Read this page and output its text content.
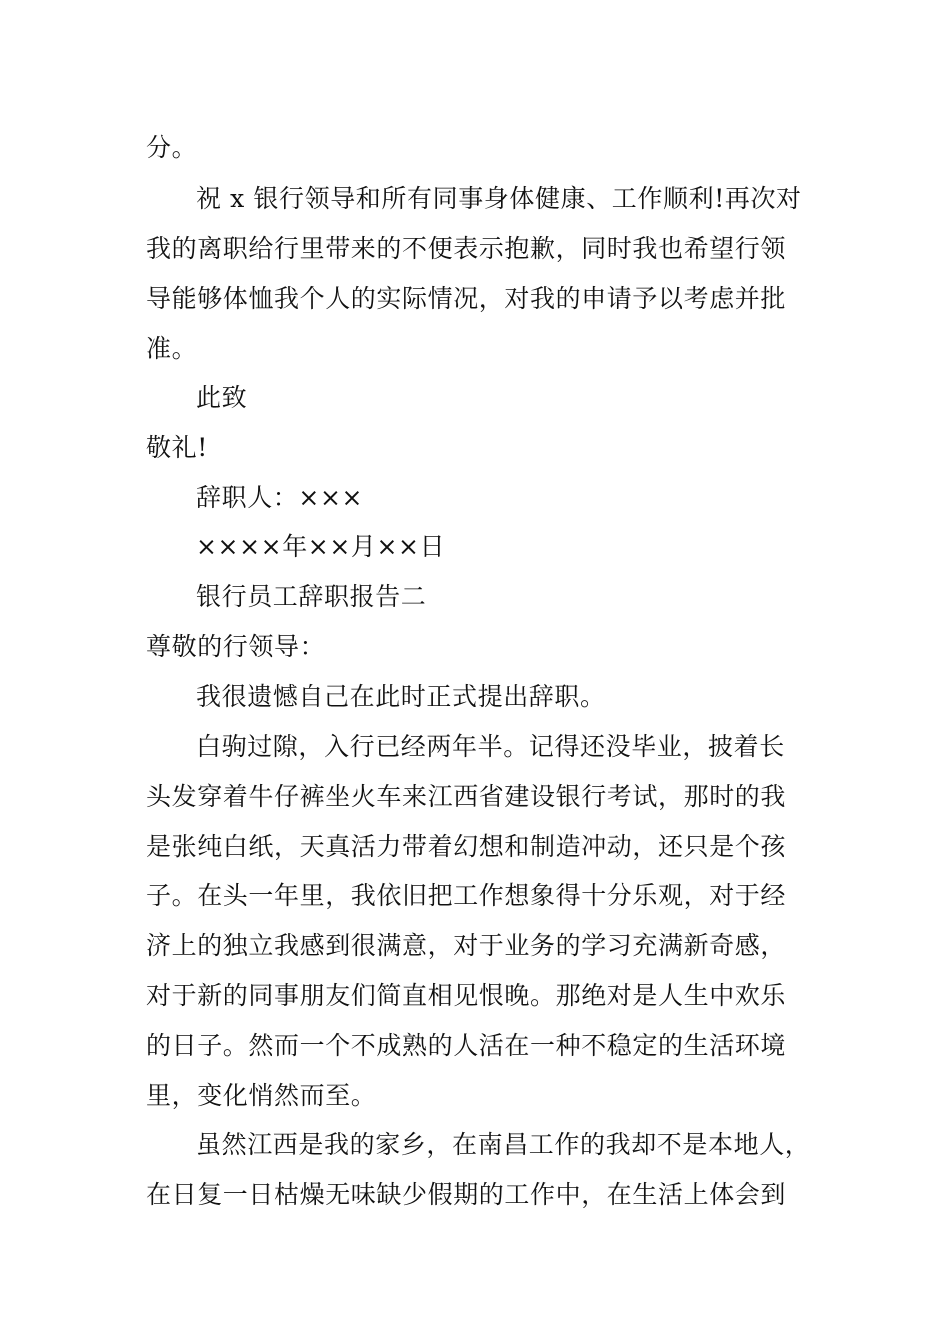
分。
祝 x 银行领导和所有同事身体健康、工作顺利!再次对
我的离职给行里带来的不便表示抱歉，同时我也希望行领
导能够体恤我个人的实际情况，对我的申请予以考虑并批
准。
此致
敬礼!
辞职人：×××
××××年××月××日
银行员工辞职报告二
尊敬的行领导：
我很遗憾自己在此时正式提出辞职。
白驹过隙，入行已经两年半。记得还没毕业，披着长
头发穿着牛仔裤坐火车来江西省建设银行考试，那时的我
是张纯白纸，天真活力带着幻想和制造冲动，还只是个孩
子。在头一年里，我依旧把工作想象得十分乐观，对于经
济上的独立我感到很满意，对于业务的学习充满新奇感，
对于新的同事朋友们简直相见恨晚。那绝对是人生中欢乐
的日子。然而一个不成熟的人活在一种不稳定的生活环境
里，变化悄然而至。
虽然江西是我的家乡，在南昌工作的我却不是本地人，
在日复一日枯燥无味缺少假期的工作中，在生活上体会到
